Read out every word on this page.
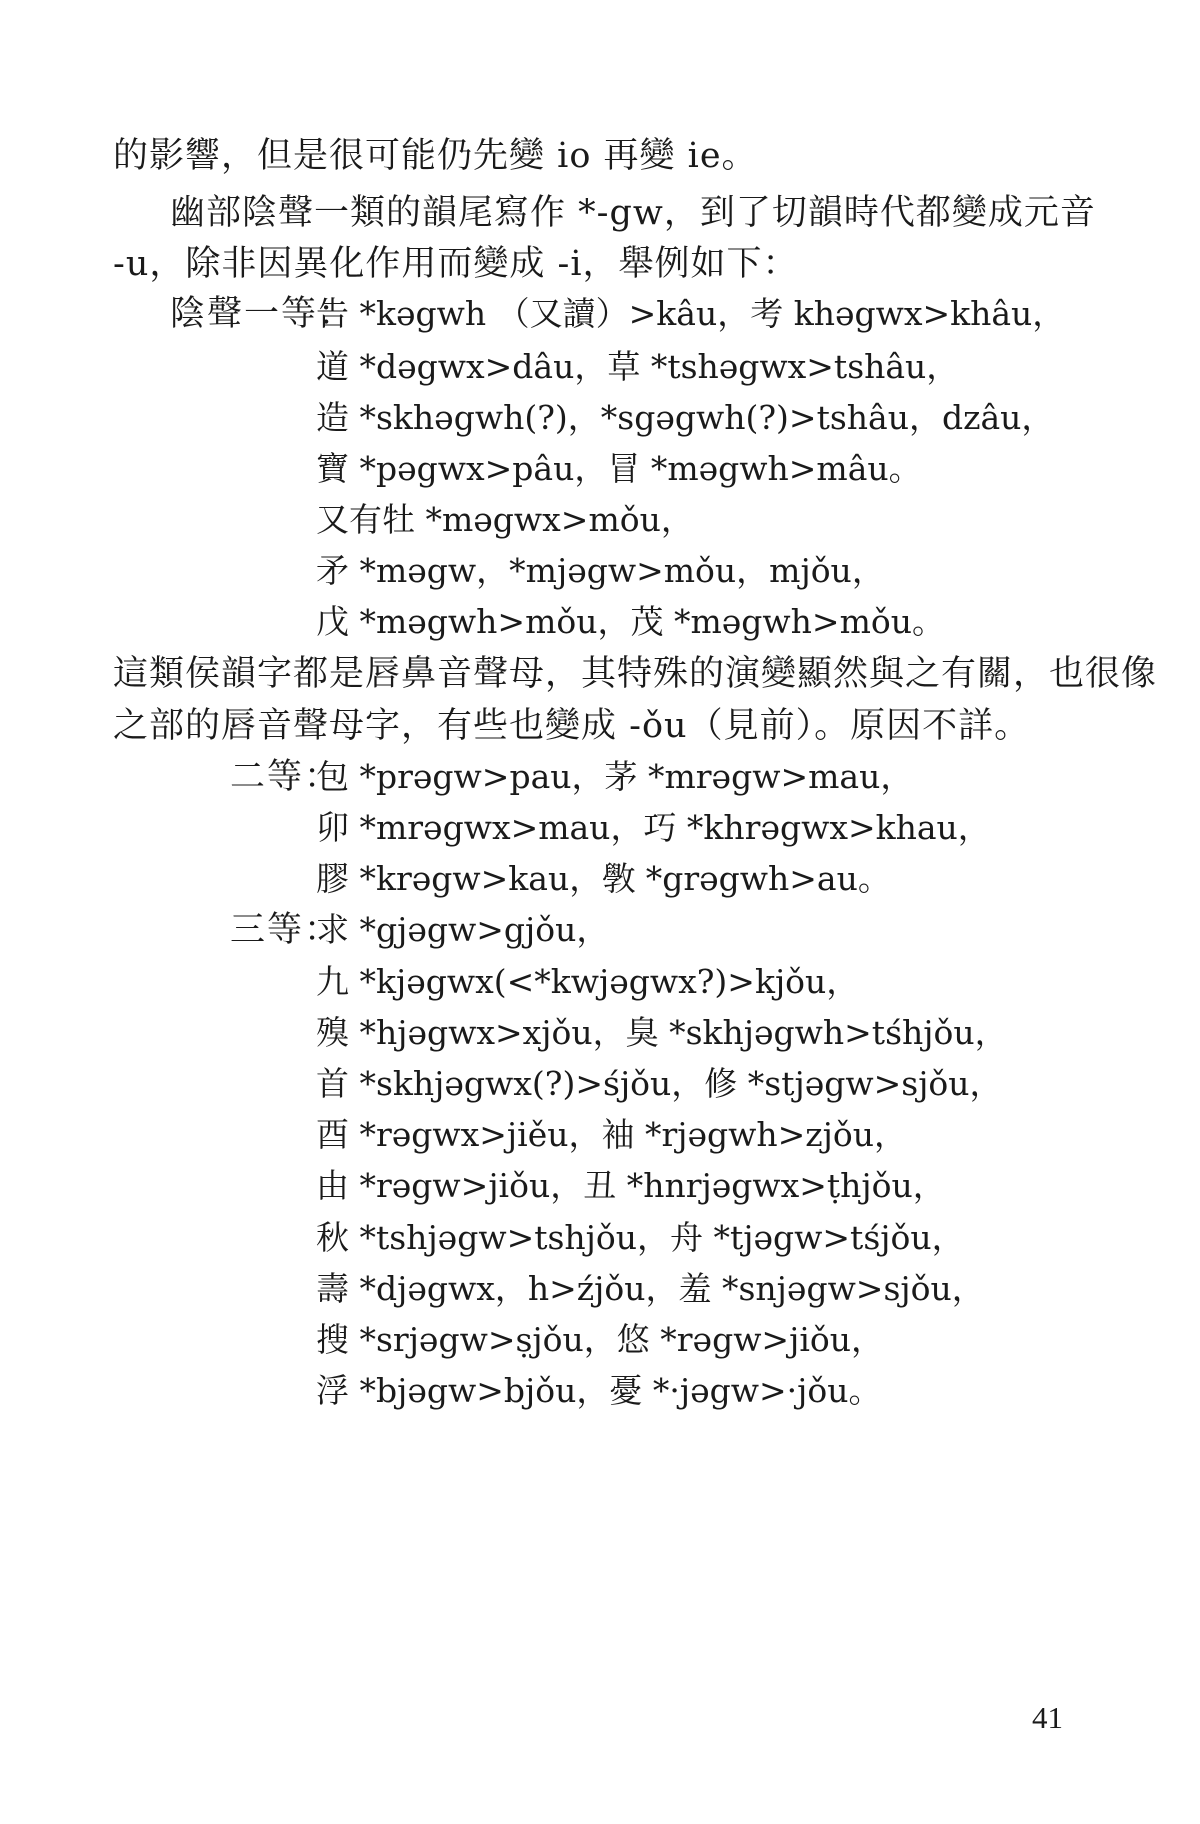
的影響，但是很可能仍先變 io 再變 ie。
幽部陰聲一類的韻尾寫作 *-gw，到了切韻時代都變成元音
-u，除非因異化作用而變成 -i，舉例如下：
陰聲一等：
告 *kəgwh （又讀）>kâu，考 khəgwx>khâu，
道 *dəgwx>dâu，草 *tshəgwx>tshâu，
造 *skhəgwh(?)，*sgəgwh(?)>tshâu，dzâu，
寶 *pəgwx>pâu，冒 *məgwh>mâu。
又有牡 *məgwx>mǒu，
矛 *məgw，*mjəgw>mǒu，mjǒu，
戊 *məgwh>mǒu，茂 *məgwh>mǒu。
這類侯韻字都是唇鼻音聲母，其特殊的演變顯然與之有關，也很像
之部的唇音聲母字，有些也變成 -ǒu（見前）。原因不詳。
二等：
包 *prəgw>pau，茅 *mrəgw>mau，
卯 *mrəgwx>mau，巧 *khrəgwx>khau，
膠 *krəgw>kau，斆 *grəgwh>au。
三等：
求 *gjəgw>gjǒu，
九 *kjəgwx(<*kwjəgwx?)>kjǒu，
殠 *hjəgwx>xjǒu，臭 *skhjəgwh>tśhjǒu，
首 *skhjəgwx(?)>śjǒu，修 *stjəgw>sjǒu，
酉 *rəgwx>jiěu，袖 *rjəgwh>zjǒu，
由 *rəgw>jiǒu，丑 *hnrjəgwx>ṭhjǒu，
秋 *tshjəgw>tshjǒu，舟 *tjəgw>tśjǒu，
壽 *djəgwx，h>źjǒu，羞 *snjəgw>sjǒu，
搜 *srjəgw>ṣjǒu，悠 *rəgw>jiǒu，
浮 *bjəgw>bjǒu，憂 *·jəgw>·jǒu。
41
